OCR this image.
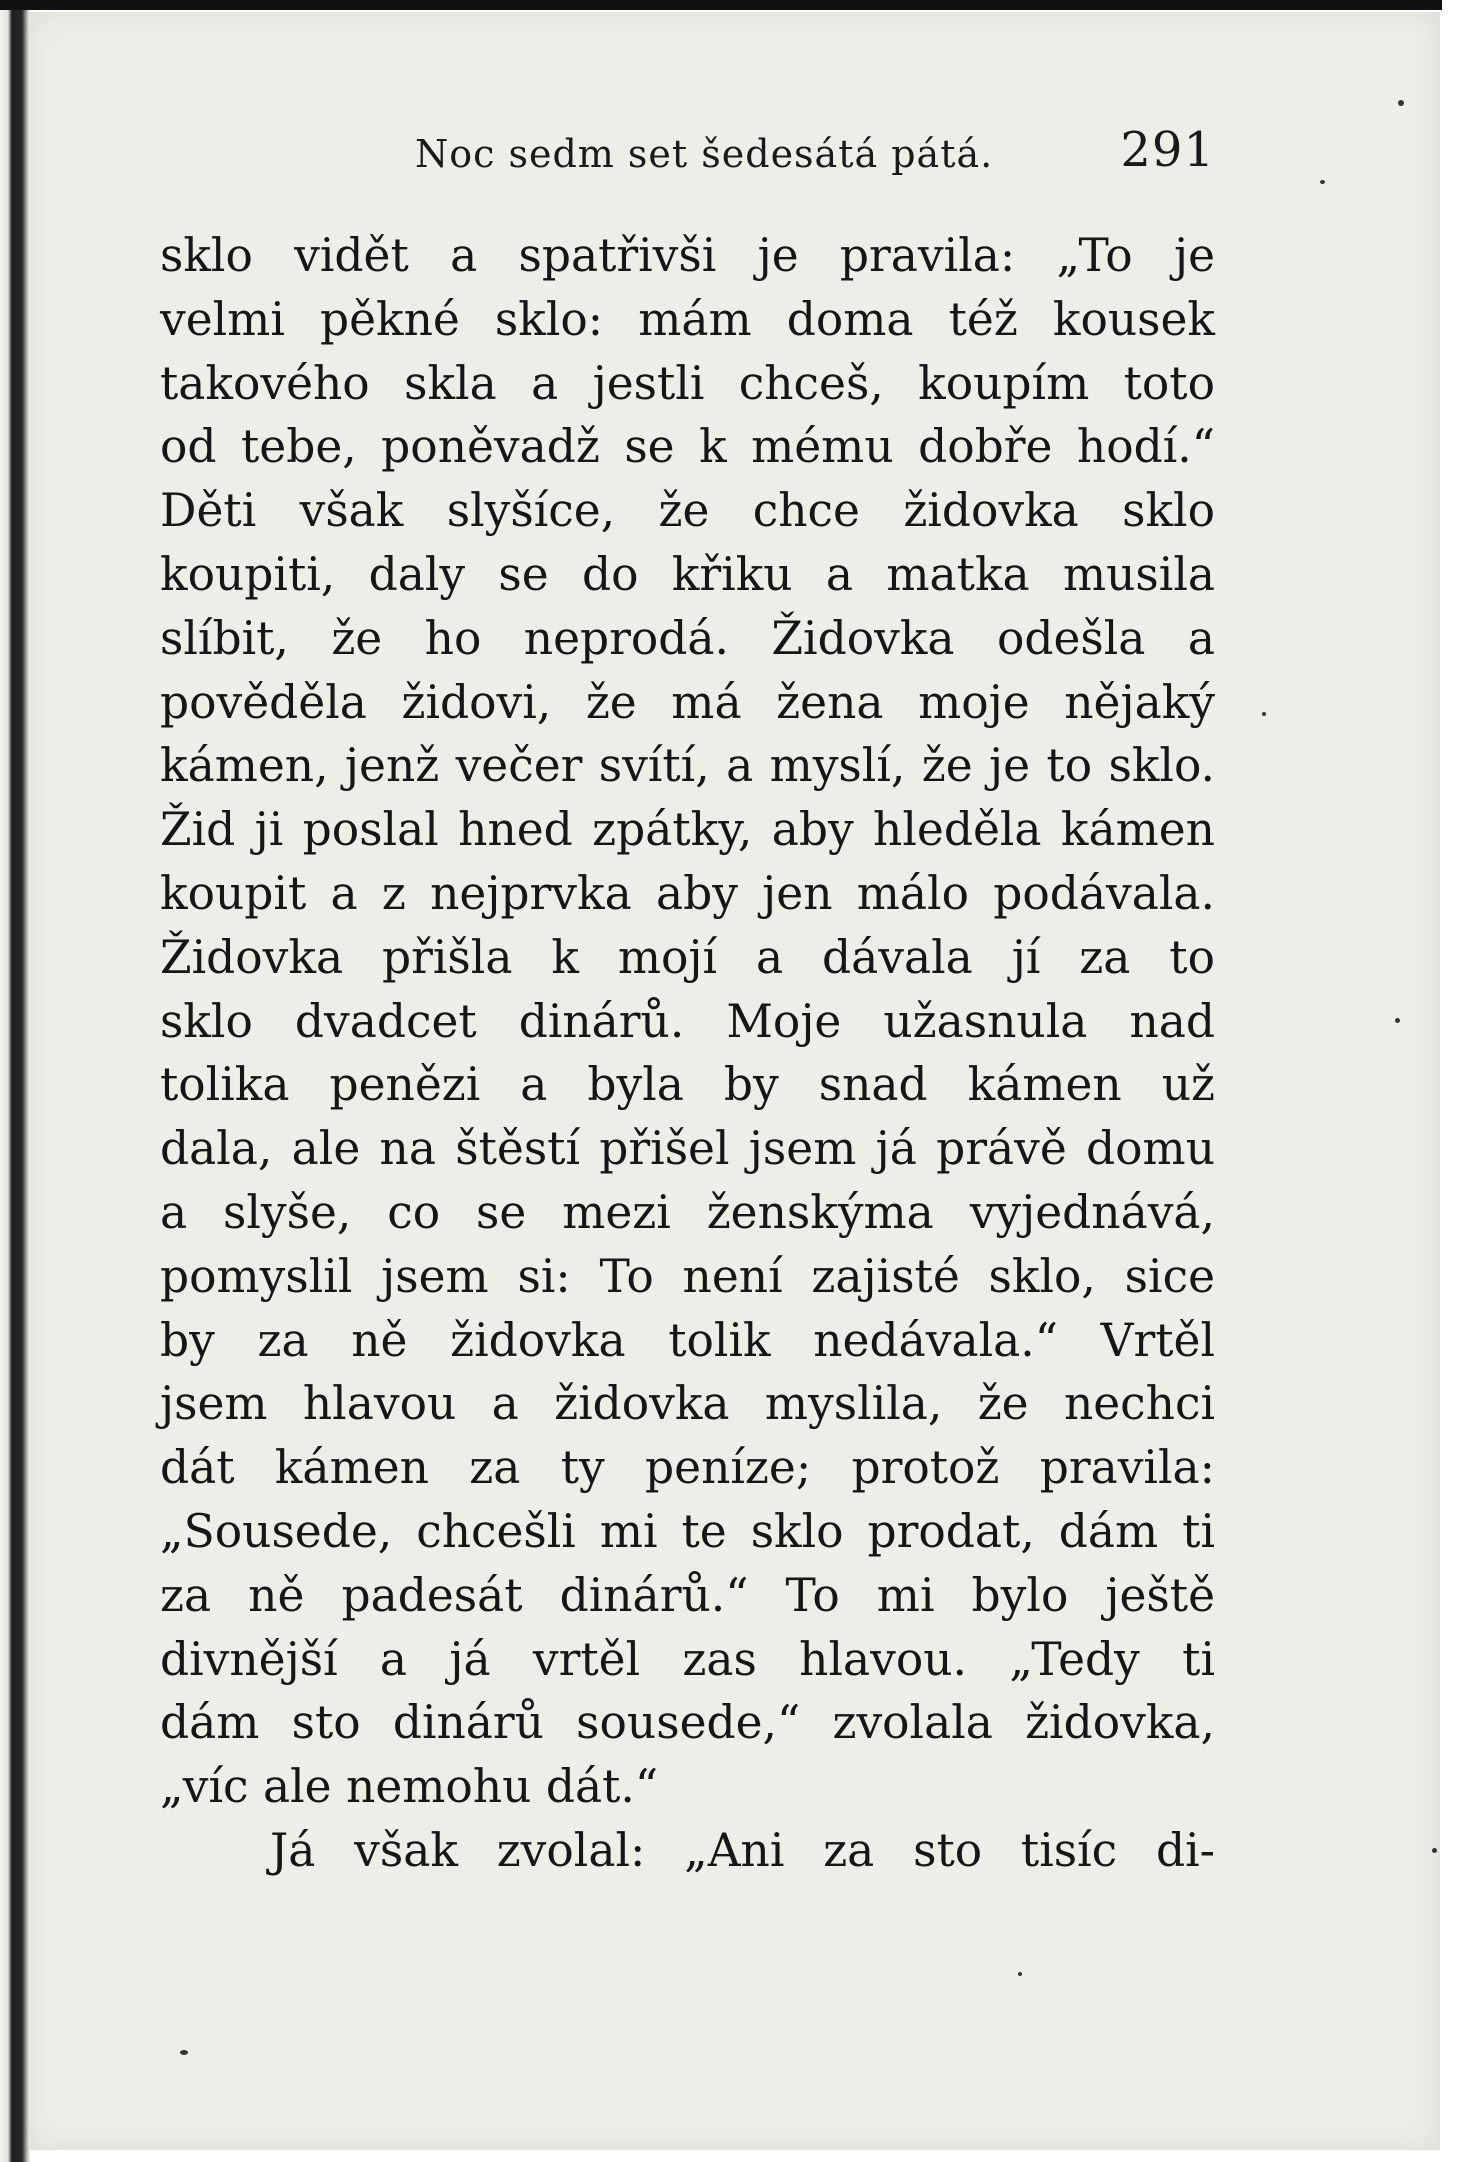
Noc sedm set šedesátá pátá.	291
sklo vidět a spatřivši je pravila: „To je
velmi pěkné sklo: mám doma též kousek
takového skla a jestli chceš, koupím toto
od tebe, poněvadž se k mému dobře hodí.“
Děti však slyšíce, že chce židovka sklo
koupiti, daly se do křiku a matka musila
slíbit, že ho neprodá. Židovka odešla a
pověděla židovi, že má žena moje nějaký
kámen, jenž večer svítí, a myslí, že je to sklo.
Žid ji poslal hned zpátky, aby hleděla kámen
koupit a z nejprvka aby jen málo podávala.
Židovka přišla k mojí a dávala jí za to
sklo dvadcet dinárů. Moje užasnula nad
tolika penězi a byla by snad kámen už
dala, ale na štěstí přišel jsem já právě domu
a slyše, co se mezi ženskýma vyjednává,
pomyslil jsem si: To není zajisté sklo, sice
by za ně židovka tolik nedávala.“ Vrtěl
jsem hlavou a židovka myslila, že nechci
dát kámen za ty peníze; protož pravila:
„Sousede, chcešli mi te sklo prodat, dám ti
za ně padesát dinárů.“ To mi bylo ještě
divnější a já vrtěl zas hlavou. „Tedy ti
dám sto dinárů sousede,“ zvolala židovka,
„víc ale nemohu dát.“
Já však zvolal: „Ani za sto tisíc di-
